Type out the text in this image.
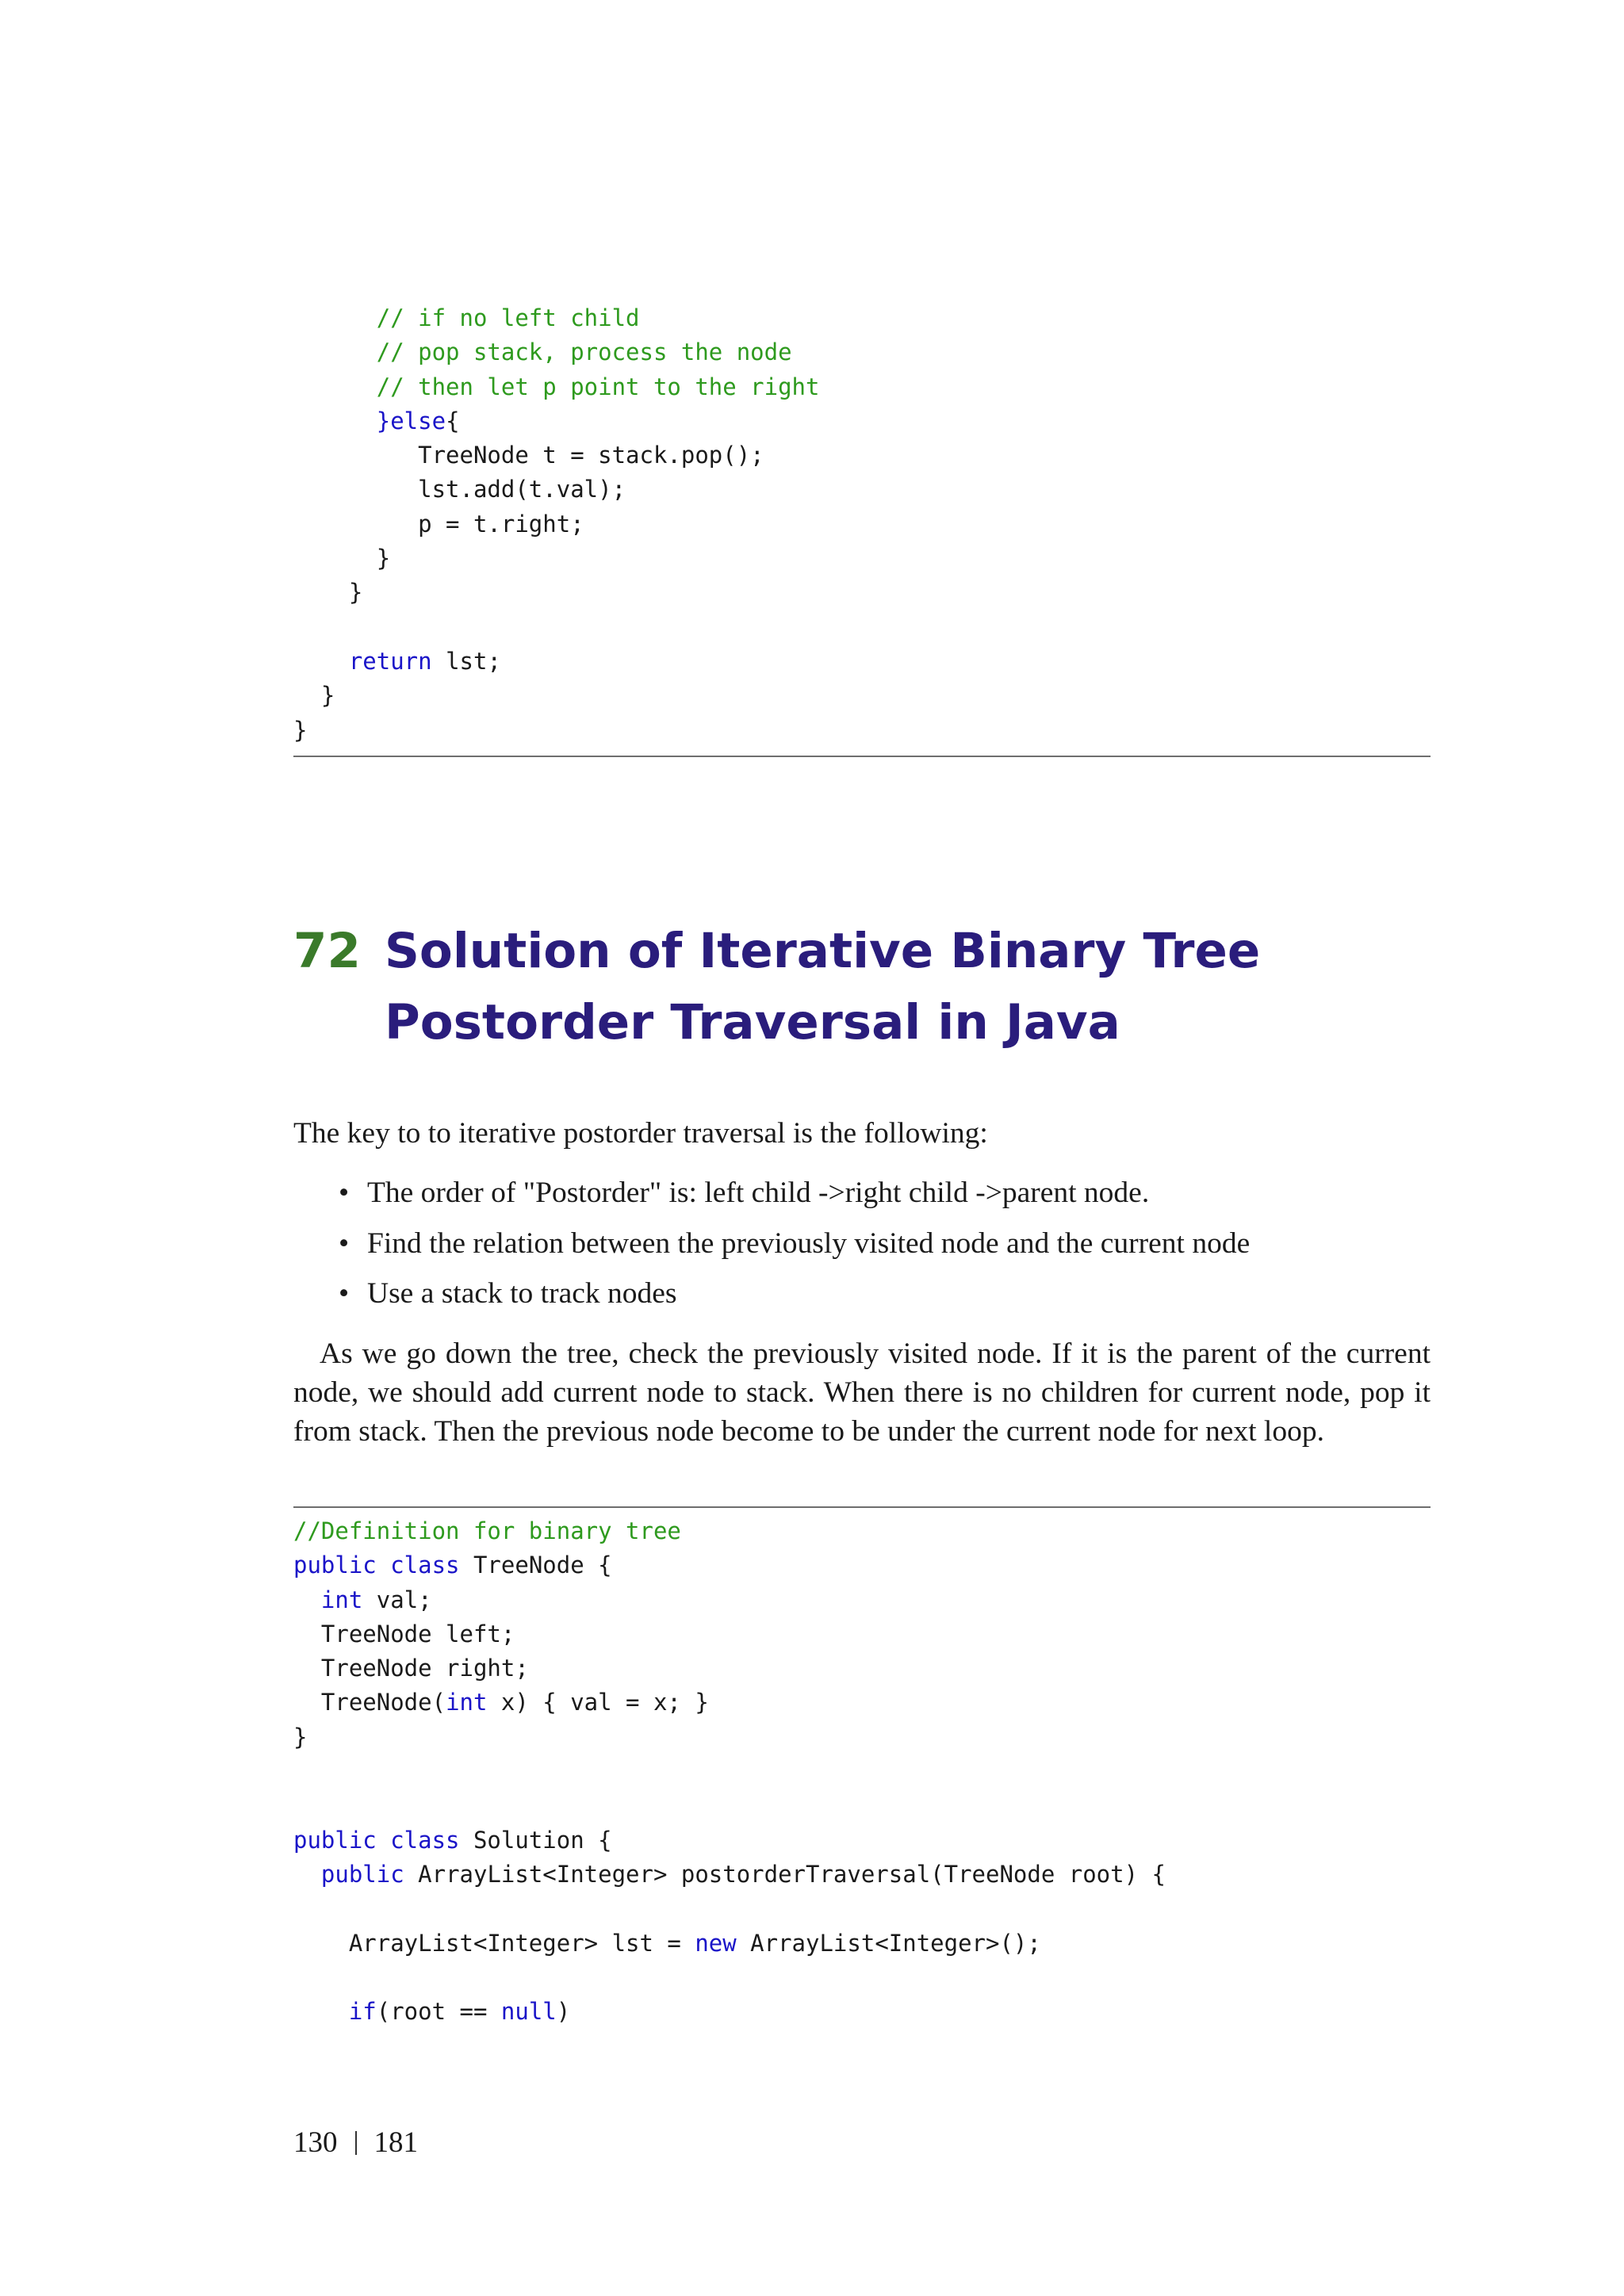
// if no left child
// pop stack, process the node
// then let p point to the right
}else{
TreeNode t = stack.pop();
lst.add(t.val);
p = t.right;
}
}
return lst;
}
}
72 Solution of Iterative Binary Tree
Postorder Traversal in Java
The key to to iterative postorder traversal is the following:
• The order of "Postorder" is: left child ->right child ->parent node.
• Find the relation between the previously visited node and the current node
• Use a stack to track nodes
As we go down the tree, check the previously visited node. If it is the parent of the current node, we should add current node to stack. When there is no children for current node, pop it from stack. Then the previous node become to be under the current node for next loop.
//Definition for binary tree
public class TreeNode {
int val;
TreeNode left;
TreeNode right;
TreeNode(int x) { val = x; }
}
public class Solution {
public ArrayList<Integer> postorderTraversal(TreeNode root) {
ArrayList<Integer> lst = new ArrayList<Integer>();
if(root == null)
130 181
